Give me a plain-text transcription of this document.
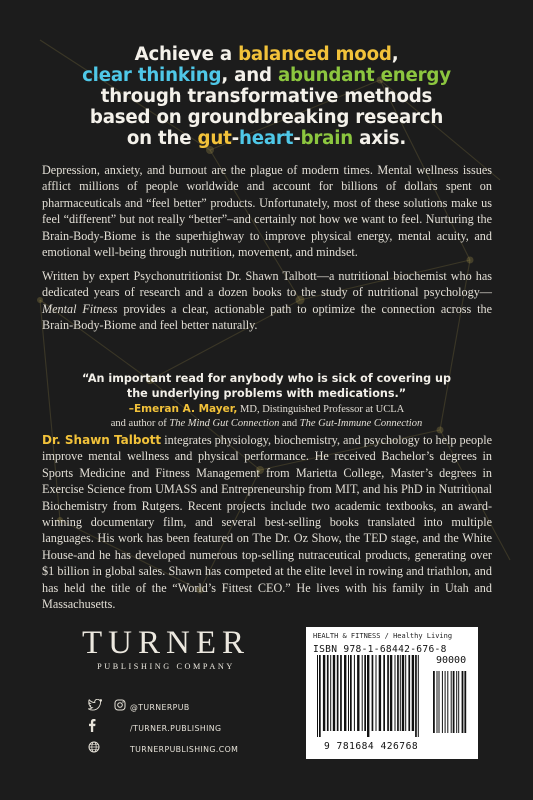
Achieve a balanced mood,
clear thinking, and abundant energy
through transformative methods
based on groundbreaking research
on the gut-heart-brain axis.
Depression, anxiety, and burnout are the plague of modern times. Mental wellness issues afflict millions of people worldwide and account for billions of dollars spent on pharmaceuticals and “feel better” products. Unfortunately, most of these solutions make us feel “different” but not really “better”–and certainly not how we want to feel. Nurturing the Brain-Body-Biome is the superhighway to improve physical energy, mental acuity, and emotional well-being through nutrition, movement, and mindset.
Written by expert Psychonutritionist Dr. Shawn Talbott—a nutritional biochemist who has dedicated years of research and a dozen books to the study of nutritional psychology—Mental Fitness provides a clear, actionable path to optimize the connection across the Brain-Body-Biome and feel better naturally.
“An important read for anybody who is sick of covering up
the underlying problems with medications.”
–Emeran A. Mayer, MD, Distinguished Professor at UCLA
and author of The Mind Gut Connection and The Gut-Immune Connection
Dr. Shawn Talbott integrates physiology, biochemistry, and psychology to help people improve mental wellness and physical performance. He received Bachelor’s degrees in Sports Medicine and Fitness Management from Marietta College, Master’s degrees in Exercise Science from UMASS and Entrepreneurship from MIT, and his PhD in Nutritional Biochemistry from Rutgers. Recent projects include two academic textbooks, an award-winning documentary film, and several best-selling books translated into multiple languages. His work has been featured on The Dr. Oz Show, the TED stage, and the White House-and he has developed numerous top-selling nutraceutical products, generating over $1 billion in global sales. Shawn has competed at the elite level in rowing and triathlon, and has held the title of the “World’s Fittest CEO.” He lives with his family in Utah and Massachusetts.
TURNER
PUBLISHING COMPANY
@TURNERPUB
/TURNER.PUBLISHING
TURNERPUBLISHING.COM
HEALTH & FITNESS / Healthy Living
ISBN 978-1-68442-676-8
90000
9 781684 426768
